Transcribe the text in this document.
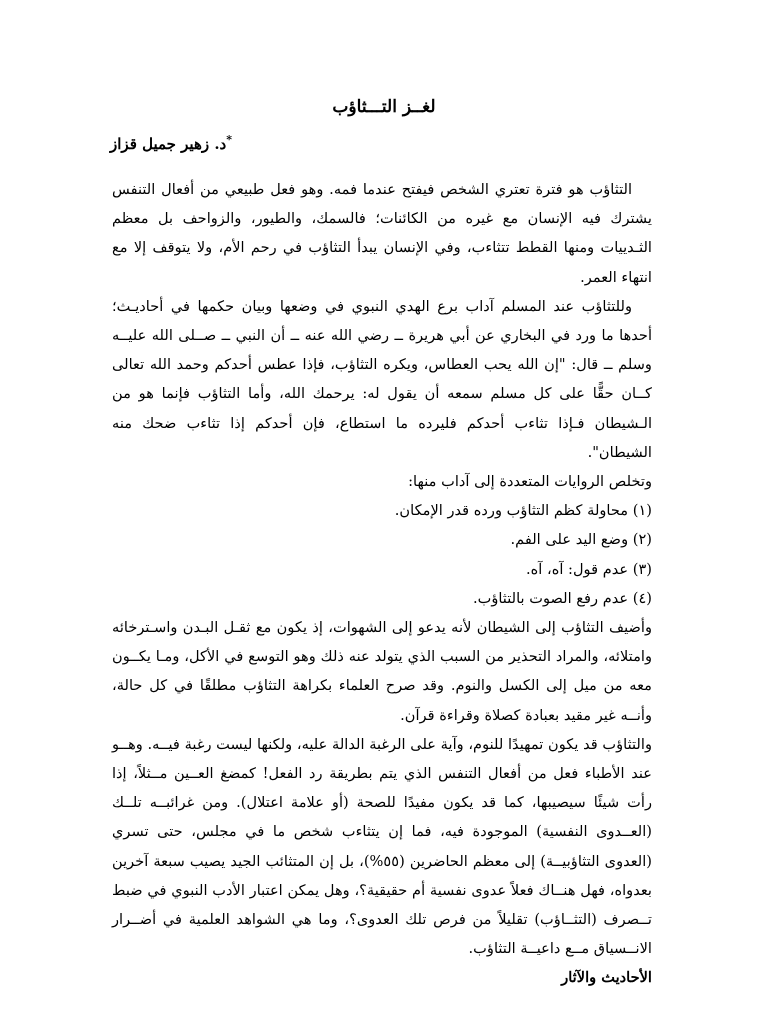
لغــز التـــثاؤب
*د. زهير جميل قزاز

التثاؤب هو فترة تعتري الشخص فيفتح عندما فمه. وهو فعل طبيعي من أفعال التنفس يشترك فيه الإنسان مع غيره من الكائنات؛ فالسمك، والطيور، والزواحف بل معظم الثـدييات ومنها القطط تتثاءب، وفي الإنسان يبدأ التثاؤب في رحم الأم، ولا يتوقف إلا مع انتهاء العمر.

وللتثاؤب عند المسلم آداب برع الهدي النبوي في وضعها وبيان حكمها في أحاديـث؛ أحدها ما ورد في البخاري عن أبي هريرة ــ رضي الله عنه ــ أن النبي ــ صــلى الله عليــه وسلم ــ قال: "إن الله يحب العطاس، ويكره التثاؤب، فإذا عطس أحدكم وحمد الله تعالى كــان حقًّا على كل مسلم سمعه أن يقول له: يرحمك الله، وأما التثاؤب فإنما هو من الـشيطان فـإذا تثاءب أحدكم فليرده ما استطاع، فإن أحدكم إذا تثاءب ضحك منه الشيطان".

وتخلص الروايات المتعددة إلى آداب منها:

(١) محاولة كظم التثاؤب ورده قدر الإمكان.

(٢) وضع اليد على الفم.

(٣) عدم قول: آه، آه.

(٤) عدم رفع الصوت بالتثاؤب.

وأضيف التثاؤب إلى الشيطان لأنه يدعو إلى الشهوات، إذ يكون مع ثقـل البـدن واسـترخائه وامتلائه، والمراد التحذير من السبب الذي يتولد عنه ذلك وهو التوسع في الأكل، ومـا يكــون معه من ميل إلى الكسل والنوم. وقد صرح العلماء بكراهة التثاؤب مطلقًا في كل حالة، وأنــه غير مقيد بعبادة كصلاة وقراءة قرآن.

والتثاؤب قد يكون تمهيدًا للنوم، وآية على الرغبة الدالة عليه، ولكنها ليست رغبة فيــه. وهــو عند الأطباء فعل من أفعال التنفس الذي يتم بطريقة رد الفعل! كمضغ العــين مــثلاً، إذا رأت شيئًا سيصيبها، كما قد يكون مفيدًا للصحة (أو علامة اعتلال). ومن غرائبــه تلــك (العــدوى النفسية) الموجودة فيه، فما إن يتثاءب شخص ما في مجلس، حتى تسري (العدوى التثاؤبيــة) إلى معظم الحاضرين (٥٥%)، بل إن المتثائب الجيد يصيب سبعة آخرين بعدواه، فهل هنــاك فعلاً عدوى نفسية أم حقيقية؟، وهل يمكن اعتبار الأدب النبوي في ضبط تــصرف (التثــاؤب) تقليلاً من فرص تلك العدوى؟، وما هي الشواهد العلمية في أضــرار الانــسياق مــع داعيــة التثاؤب.

الأحاديث والآثار
